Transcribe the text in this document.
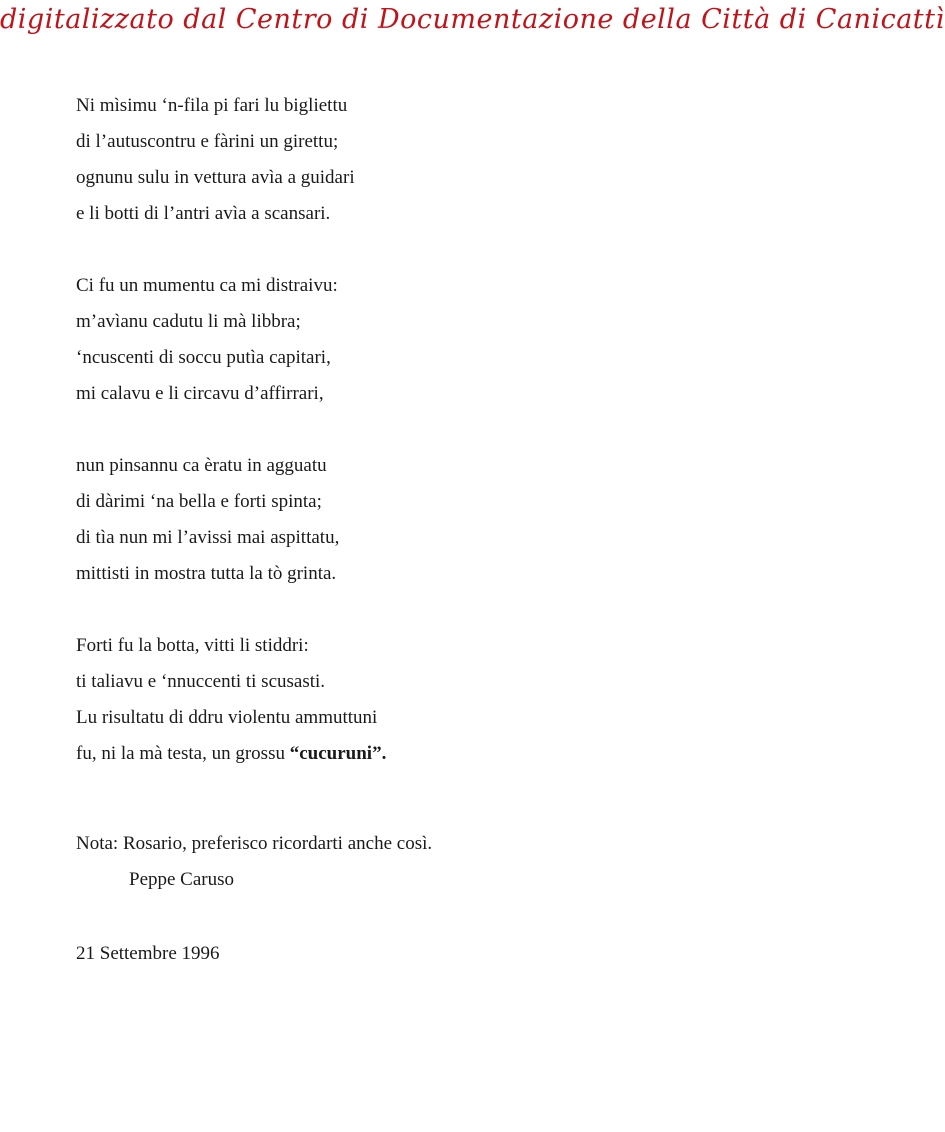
digitalizzato dal Centro di Documentazione della Città di Canicattì
Ni mìsimu ‘n-fila pi fari lu bigliettu
di l’autuscontru e fàrini un girettu;
ognunu sulu in vettura avìa a guidari
e li botti di l’antri avìa a scansari.
Ci fu un mumentu ca mi distraivu:
m’avìanu cadutu li mà libbra;
‘ncuscenti di soccu putìa capitari,
mi calavu e li circavu d’affirrari,
nun pinsannu ca èratu in agguatu
di dàrimi ‘na bella e forti spinta;
di tìa nun mi l’avissi mai aspittatu,
mittisti in mostra tutta la tò grinta.
Forti fu la botta, vitti li stiddri:
ti taliavu e ‘nnuccenti ti scusasti.
Lu risultatu di ddru violentu ammuttuni
fu, ni la mà testa, un grossu “cucuruni”.
Nota: Rosario, preferisco ricordarti anche così.
Peppe Caruso
21 Settembre 1996
